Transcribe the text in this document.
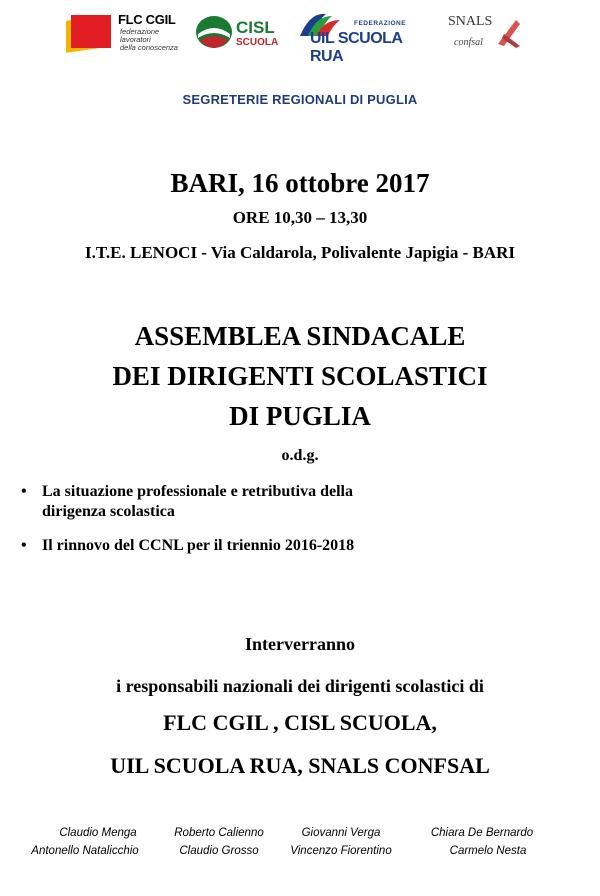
FLC CGIL
federazione
lavoratori
della conoscenza
CISL
SCUOLA
FEDERAZIONE
UIL SCUOLA RUA
SNALS
confsal
SEGRETERIE REGIONALI DI PUGLIA
BARI, 16 ottobre 2017
ORE 10,30 – 13,30
I.T.E. LENOCI - Via Caldarola, Polivalente Japigia - BARI
ASSEMBLEA SINDACALE
DEI DIRIGENTI SCOLASTICI
DI PUGLIA
o.d.g.
• La situazione professionale e retributiva della
dirigenza scolastica
• Il rinnovo del CCNL per il triennio 2016-2018
Interverranno
i responsabili nazionali dei dirigenti scolastici di
FLC CGIL , CISL SCUOLA,
UIL SCUOLA RUA, SNALS CONFSAL
Claudio Menga
Antonello Natalicchio
Roberto Calienno
Claudio Grosso
Giovanni Verga
Vincenzo Fiorentino
Chiara De Bernardo
Carmelo Nesta
